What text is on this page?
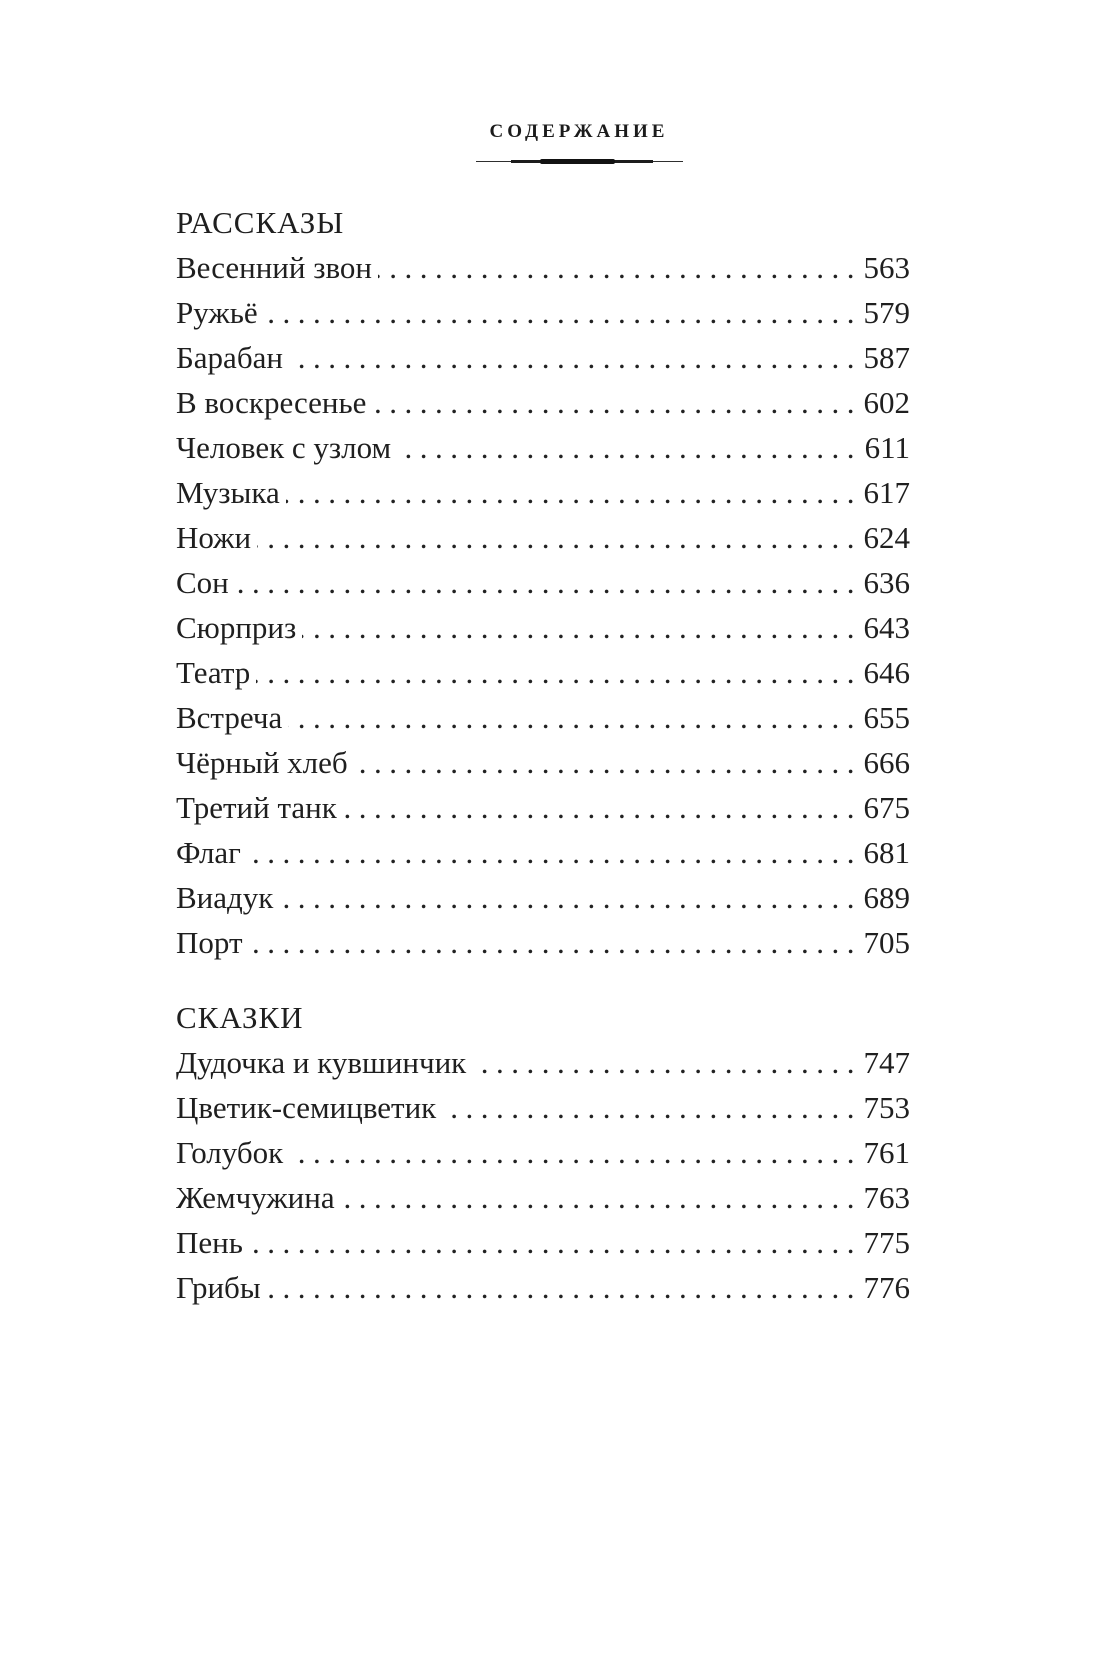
СОДЕРЖАНИЕ
РАССКАЗЫ
Весенний звон .....	563
Ружьё .....	579
Барабан .....	587
В воскресенье .....	602
Человек с узлом .....	611
Музыка .....	617
Ножи .....	624
Сон .....	636
Сюрприз .....	643
Театр .....	646
Встреча .....	655
Чёрный хлеб .....	666
Третий танк .....	675
Флаг .....	681
Виадук .....	689
Порт .....	705
СКАЗКИ
Дудочка и кувшинчик .....	747
Цветик-семицветик .....	753
Голубок .....	761
Жемчужина .....	763
Пень .....	775
Грибы .....	776
